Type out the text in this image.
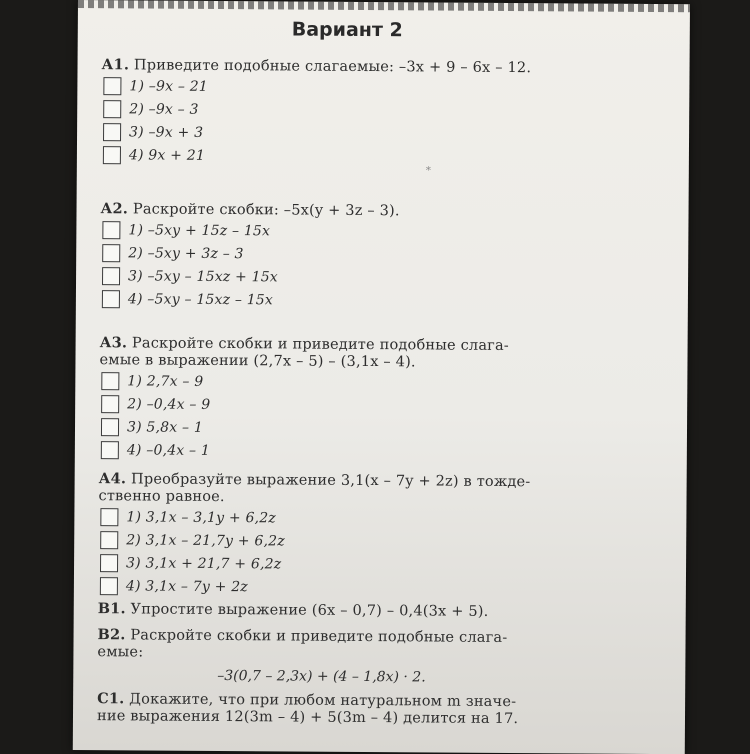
Вариант 2
⁎
А1. Приведите подобные слагаемые: –3x + 9 – 6x – 12.
1) –9x – 21
2) –9x – 3
3) –9x + 3
4) 9x + 21
А2. Раскройте скобки: –5x(y + 3z – 3).
1) –5xy + 15z – 15x
2) –5xy + 3z – 3
3) –5xy – 15xz + 15x
4) –5xy – 15xz – 15x
А3. Раскройте скобки и приведите подобные слага-
емые в выражении (2,7x – 5) – (3,1x – 4).
1) 2,7x – 9
2) –0,4x – 9
3) 5,8x – 1
4) –0,4x – 1
А4. Преобразуйте выражение 3,1(x – 7y + 2z) в тожде-
ственно равное.
1) 3,1x – 3,1y + 6,2z
2) 3,1x – 21,7y + 6,2z
3) 3,1x + 21,7 + 6,2z
4) 3,1x – 7y + 2z
В1. Упростите выражение (6x – 0,7) – 0,4(3x + 5).
В2. Раскройте скобки и приведите подобные слага-
емые:
–3(0,7 – 2,3x) + (4 – 1,8x) · 2.
С1. Докажите, что при любом натуральном m значе-
ние выражения 12(3m – 4) + 5(3m – 4) делится на 17.
